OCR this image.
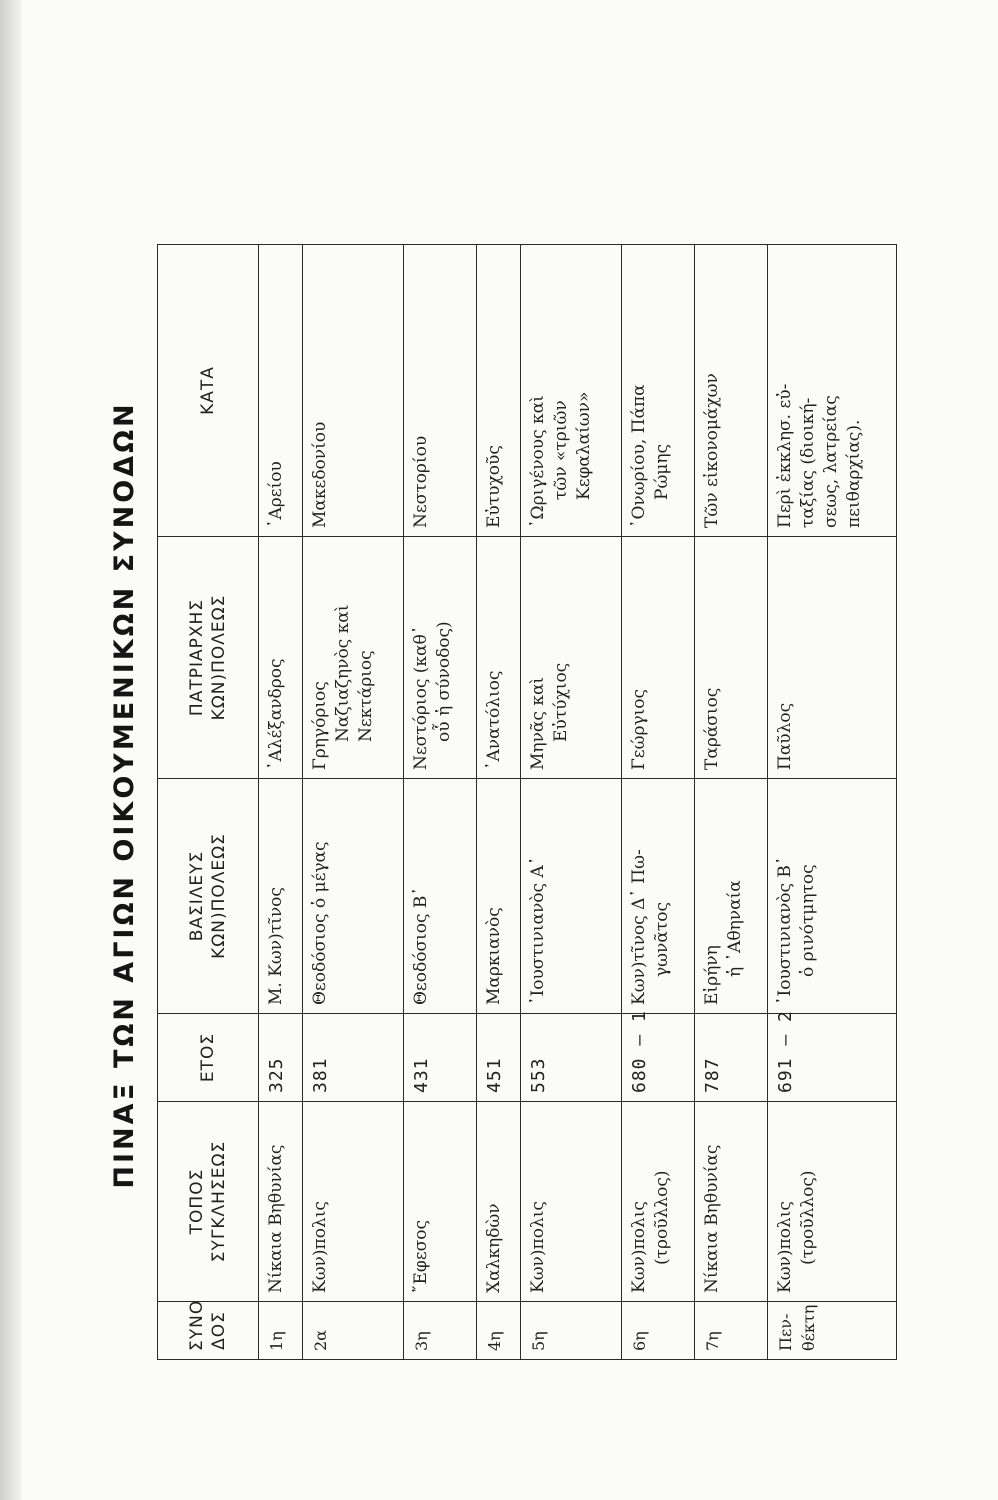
ΠΙΝΑΞ ΤΩΝ ΑΓΙΩΝ ΟΙΚΟΥΜΕΝΙΚΩΝ ΣΥΝΟΔΩΝ
ΣΥΝΟ ΔΟΣ	ΤΟΠΟΣ ΣΥΓΚΛΗΣΕΩΣ	ΕΤΟΣ	ΒΑΣΙΛΕΥΣ ΚΩΝ)ΠΟΛΕΩΣ	ΠΑΤΡΙΑΡΧΗΣ ΚΩΝ)ΠΟΛΕΩΣ	ΚΑΤΑ

1η	Νίκαια Βηθυνίας	325	Μ. Κων)τῖνος	᾽Αλέξανδρος	᾽Αρείου

2α	Κων)πολις	381	Θεοδόσιος ὁ μέγας	Γρηγόριος Ναζιαζηνὸς καὶ Νεκτάριος	Μακεδονίου

3η	῎Εφεσος	431	Θεοδόσιος Β᾽	Νεστόριος (καθ᾽ οὗ ἡ σύνοδος)	Νεστορίου

4η	Χαλκηδὼν	451	Μαρκιανὸς	᾽Ανατόλιος	Εὐτυχοῦς

5η	Κων)πολις	553	᾽Ιουστινιανὸς Α᾽	Μηνᾶς καὶ Εὐτύχιος	᾽Ωριγένους καὶ τῶν «τριῶν Κεφαλαίων»

6η	Κων)πολις (τροῦλλος)	680 — 1	Κων)τῖνος Δ᾽ Πω- γωνᾶτος	Γεώργιος	᾽Ονωρίου, Πάπα Ρώμης

7η	Νίκαια Βηθυνίας	787	Εἰρήνη ἡ ᾽Αθηναία	Ταράσιος	Τῶν εἰκονομάχων

Πεν- θέκτη	Κων)πολις (τροῦλλος)	691 — 2	᾽Ιουστινιανὸς Β᾽ ὁ ρινότμητος	Παῦλος	Περὶ ἐκκλησ. εὐ- ταξίας (διοική- σεως, λατρείας πειθαρχίας).
